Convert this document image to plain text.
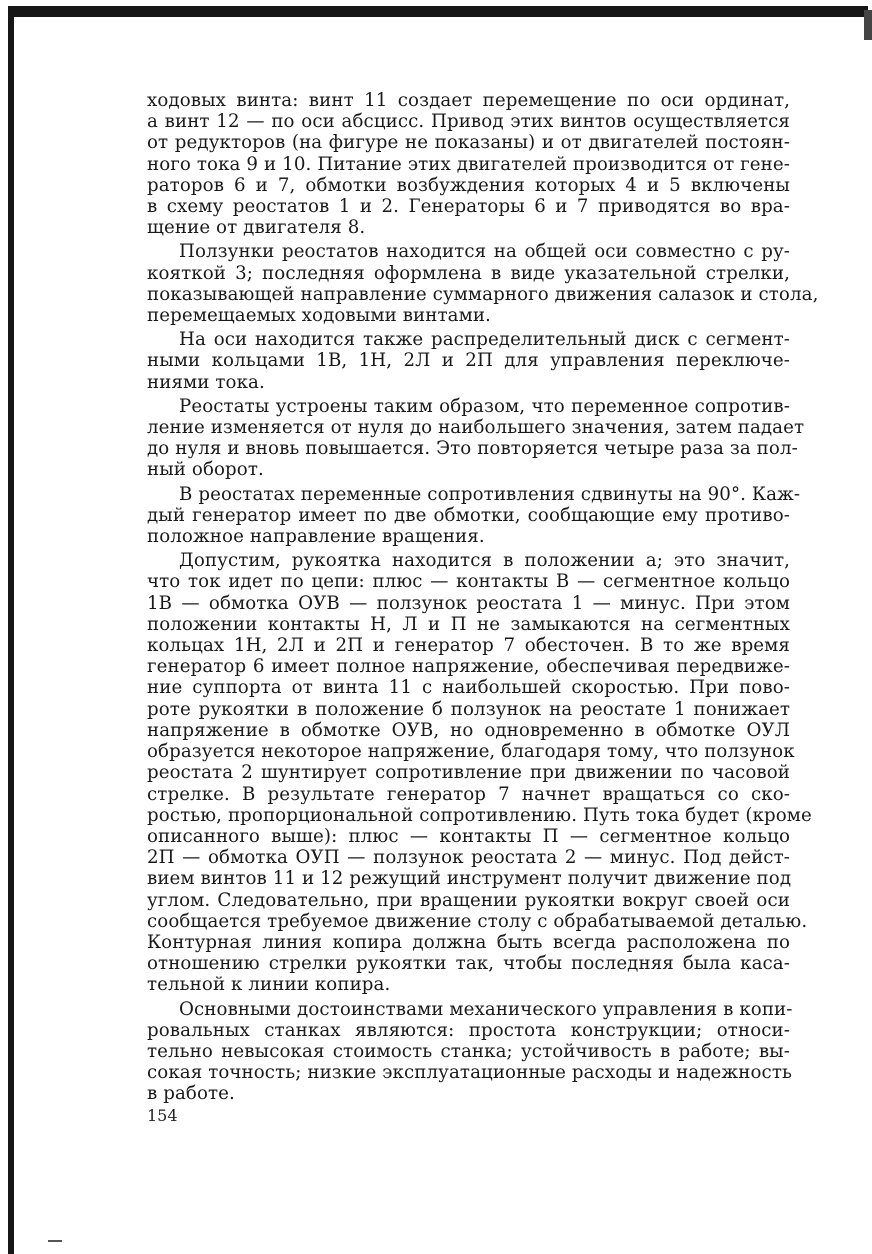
ходовых винта: винт 11 создает перемещение по оси ординат,
а винт 12 — по оси абсцисс. Привод этих винтов осуществляется
от редукторов (на фигуре не показаны) и от двигателей постоян-
ного тока 9 и 10. Питание этих двигателей производится от гене-
раторов 6 и 7, обмотки возбуждения которых 4 и 5 включены
в схему реостатов 1 и 2. Генераторы 6 и 7 приводятся во вра-
щение от двигателя 8.
Ползунки реостатов находится на общей оси совместно с ру-
кояткой 3; последняя оформлена в виде указательной стрелки,
показывающей направление суммарного движения салазок и стола,
перемещаемых ходовыми винтами.
На оси находится также распределительный диск с сегмент-
ными кольцами 1В, 1Н, 2Л и 2П для управления переключе-
ниями тока.
Реостаты устроены таким образом, что переменное сопротив-
ление изменяется от нуля до наибольшего значения, затем падает
до нуля и вновь повышается. Это повторяется четыре раза за пол-
ный оборот.
В реостатах переменные сопротивления сдвинуты на 90°. Каж-
дый генератор имеет по две обмотки, сообщающие ему противо-
положное направление вращения.
Допустим, рукоятка находится в положении а; это значит,
что ток идет по цепи: плюс — контакты В — сегментное кольцо
1В — обмотка ОУВ — ползунок реостата 1 — минус. При этом
положении контакты Н, Л и П не замыкаются на сегментных
кольцах 1Н, 2Л и 2П и генератор 7 обесточен. В то же время
генератор 6 имеет полное напряжение, обеспечивая передвиже-
ние суппорта от винта 11 с наибольшей скоростью. При пово-
роте рукоятки в положение б ползунок на реостате 1 понижает
напряжение в обмотке ОУВ, но одновременно в обмотке ОУЛ
образуется некоторое напряжение, благодаря тому, что ползунок
реостата 2 шунтирует сопротивление при движении по часовой
стрелке. В результате генератор 7 начнет вращаться со ско-
ростью, пропорциональной сопротивлению. Путь тока будет (кроме
описанного выше): плюс — контакты П — сегментное кольцо
2П — обмотка ОУП — ползунок реостата 2 — минус. Под дейст-
вием винтов 11 и 12 режущий инструмент получит движение под
углом. Следовательно, при вращении рукоятки вокруг своей оси
сообщается требуемое движение столу с обрабатываемой деталью.
Контурная линия копира должна быть всегда расположена по
отношению стрелки рукоятки так, чтобы последняя была каса-
тельной к линии копира.
Основными достоинствами механического управления в копи-
ровальных станках являются: простота конструкции; относи-
тельно невысокая стоимость станка; устойчивость в работе; вы-
сокая точность; низкие эксплуатационные расходы и надежность
в работе.
154
